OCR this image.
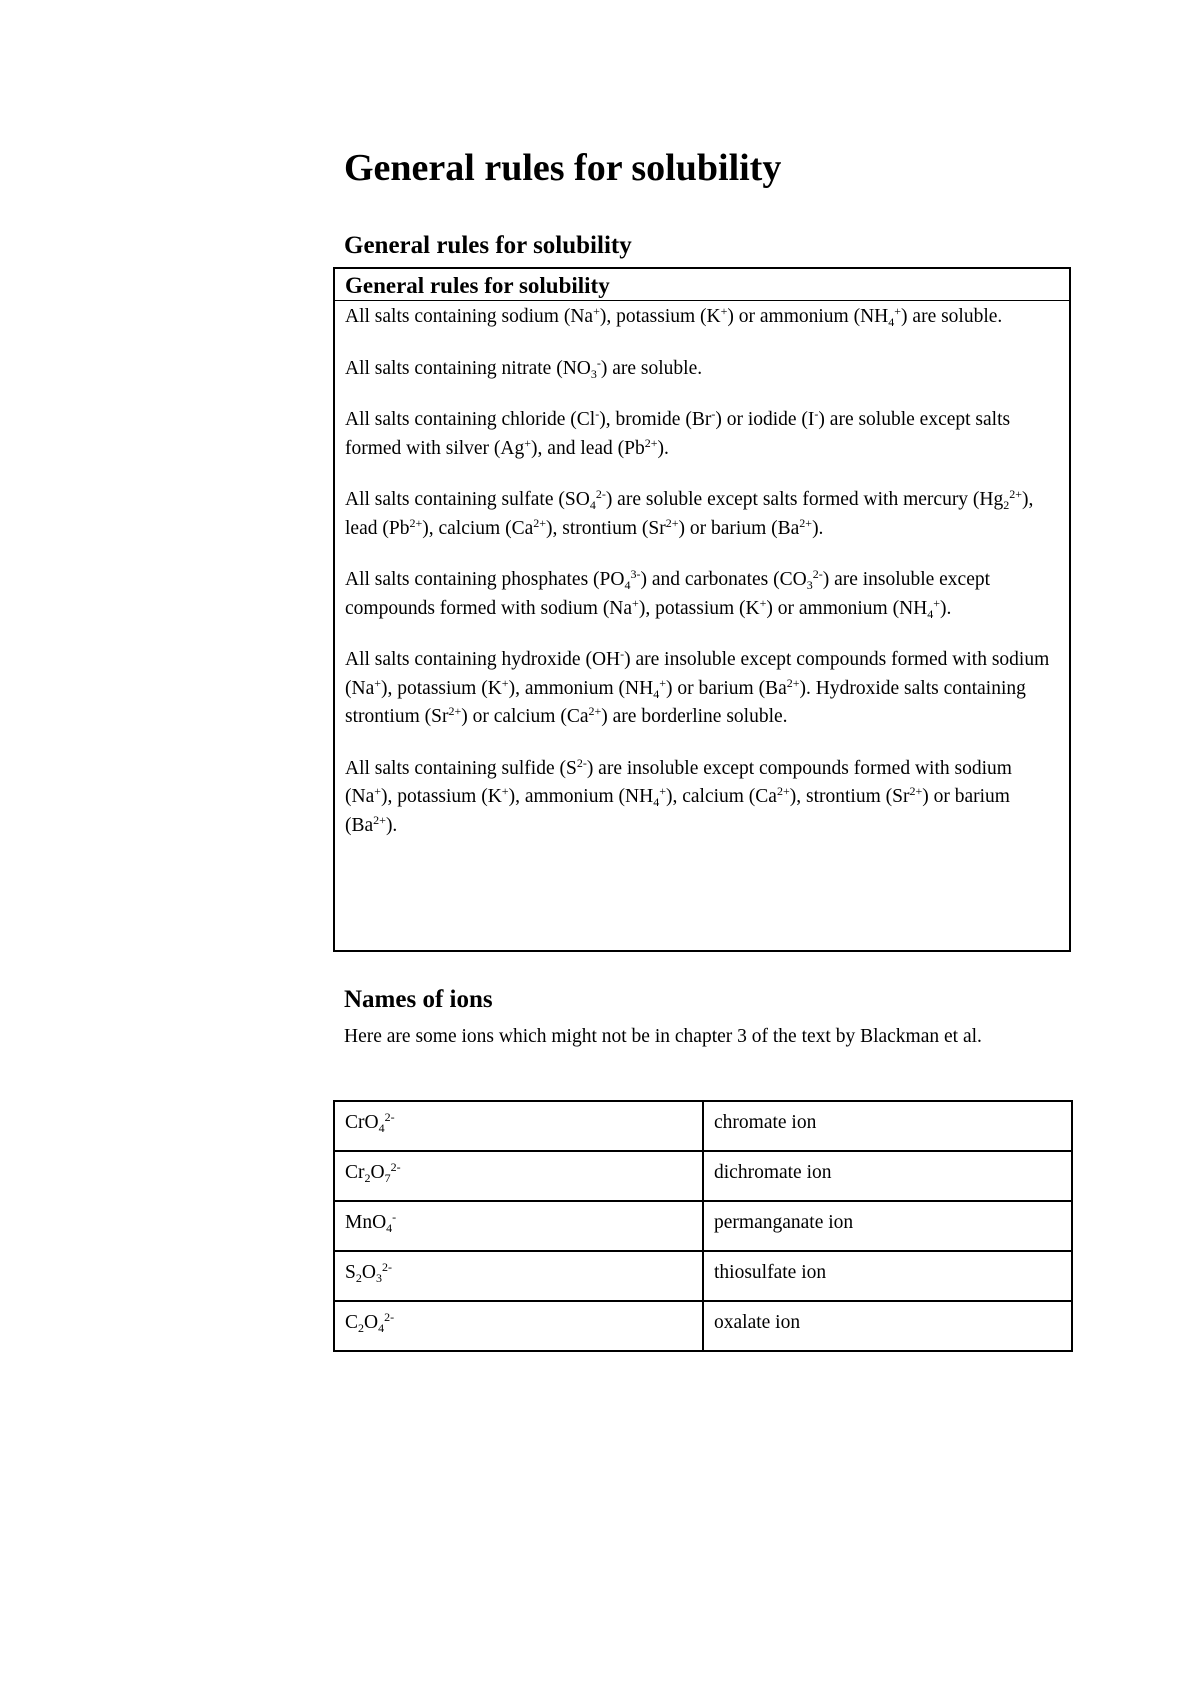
General rules for solubility
General rules for solubility
General rules for solubility

All salts containing sodium (Na+), potassium (K+) or ammonium $(NH_4^+)$ are soluble.

All salts containing nitrate $(NO_3^-)$ are soluble.

All salts containing chloride (Cl-), bromide (Br-) or iodide (I-) are soluble except salts formed with silver (Ag+), and lead $(Pb^{2+})$.

All salts containing sulfate $(SO_4^{2-})$ are soluble except salts formed with mercury $(Hg_2^{2+})$, lead $(Pb^{2+})$, calcium $(Ca^{2+})$, strontium $(Sr^{2+})$ or barium $(Ba^{2+})$.

All salts containing phosphates $(PO_4^{3-})$ and carbonates $(CO_3^{2-})$ are insoluble except compounds formed with sodium (Na+), potassium (K+) or ammonium $(NH_4^+)$.

All salts containing hydroxide (OH-) are insoluble except compounds formed with sodium (Na+), potassium (K+), ammonium $(NH_4^+)$ or barium $(Ba^{2+})$. Hydroxide salts containing strontium $(Sr^{2+})$ or calcium $(Ca^{2+})$ are borderline soluble.

All salts containing sulfide $(S^{2-})$ are insoluble except compounds formed with sodium (Na+), potassium (K+), ammonium $(NH_4^+)$, calcium $(Ca^{2+})$, strontium $(Sr^{2+})$ or barium $(Ba^{2+})$.

Names of ions

Here are some ions which might not be in chapter 3 of the text by Blackman et al.

CrO$_4^{2-}$	chromate ion
$Cr_2O_7^{2-}$	dichromate ion
MnO$_4$-	permanganate ion
$S_2O_3^{2-}$	thiosulfate ion
$C_2O_4^{2-}$	oxalate ion
